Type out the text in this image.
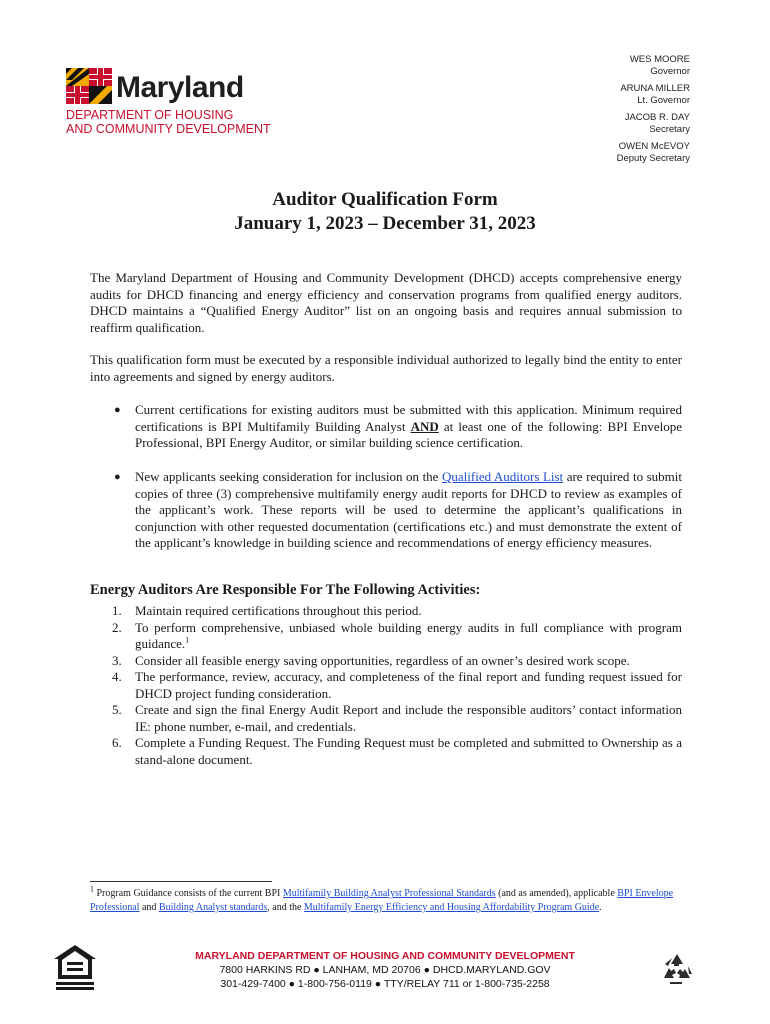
Maryland
DEPARTMENT OF HOUSING
AND COMMUNITY DEVELOPMENT
WES MOORE
Governor
ARUNA MILLER
Lt. Governor
JACOB R. DAY
Secretary
OWEN McEVOY
Deputy Secretary
Auditor Qualification Form
January 1, 2023 – December 31, 2023
The Maryland Department of Housing and Community Development (DHCD) accepts comprehensive energy audits for DHCD financing and energy efficiency and conservation programs from qualified energy auditors. DHCD maintains a “Qualified Energy Auditor” list on an ongoing basis and requires annual submission to reaffirm qualification.
This qualification form must be executed by a responsible individual authorized to legally bind the entity to enter into agreements and signed by energy auditors.
● Current certifications for existing auditors must be submitted with this application. Minimum required certifications is BPI Multifamily Building Analyst AND at least one of the following: BPI Envelope Professional, BPI Energy Auditor, or similar building science certification.
● New applicants seeking consideration for inclusion on the Qualified Auditors List are required to submit copies of three (3) comprehensive multifamily energy audit reports for DHCD to review as examples of the applicant’s work. These reports will be used to determine the applicant’s qualifications in conjunction with other requested documentation (certifications etc.) and must demonstrate the extent of the applicant’s knowledge in building science and recommendations of energy efficiency measures.
Energy Auditors Are Responsible For The Following Activities:
1. Maintain required certifications throughout this period.
2. To perform comprehensive, unbiased whole building energy audits in full compliance with program guidance.$^1$
3. Consider all feasible energy saving opportunities, regardless of an owner’s desired work scope.
4. The performance, review, accuracy, and completeness of the final report and funding request issued for DHCD project funding consideration.
5. Create and sign the final Energy Audit Report and include the responsible auditors’ contact information IE: phone number, e-mail, and credentials.
6. Complete a Funding Request. The Funding Request must be completed and submitted to Ownership as a stand-alone document.
$^1$ Program Guidance consists of the current BPI Multifamily Building Analyst Professional Standards (and as amended), applicable BPI Envelope Professional and Building Analyst standards, and the Multifamily Energy Efficiency and Housing Affordability Program Guide.
MARYLAND DEPARTMENT OF HOUSING AND COMMUNITY DEVELOPMENT
7800 HARKINS RD ● LANHAM, MD 20706 ● DHCD.MARYLAND.GOV
301-429-7400 ● 1-800-756-0119 ● TTY/RELAY 711 or 1-800-735-2258
